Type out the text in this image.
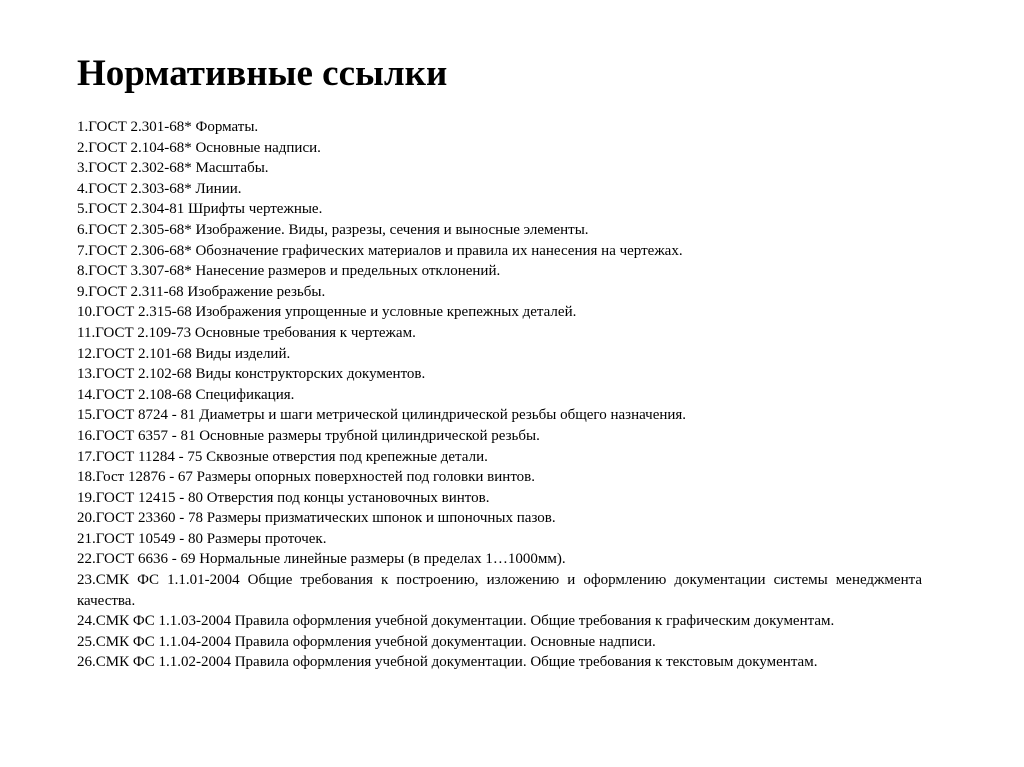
Нормативные ссылки
1.ГОСТ 2.301-68* Форматы.
2.ГОСТ 2.104-68* Основные надписи.
3.ГОСТ 2.302-68* Масштабы.
4.ГОСТ 2.303-68* Линии.
5.ГОСТ 2.304-81 Шрифты чертежные.
6.ГОСТ 2.305-68* Изображение. Виды, разрезы, сечения и выносные элементы.
7.ГОСТ 2.306-68* Обозначение графических материалов и правила их нанесения на чертежах.
8.ГОСТ 3.307-68* Нанесение размеров и предельных отклонений.
9.ГОСТ 2.311-68 Изображение резьбы.
10.ГОСТ 2.315-68 Изображения упрощенные и условные крепежных деталей.
11.ГОСТ 2.109-73 Основные требования к чертежам.
12.ГОСТ 2.101-68 Виды изделий.
13.ГОСТ 2.102-68 Виды конструкторских документов.
14.ГОСТ 2.108-68 Спецификация.
15.ГОСТ 8724 - 81 Диаметры и шаги метрической цилиндрической резьбы общего назначения.
16.ГОСТ 6357 - 81 Основные размеры трубной цилиндрической резьбы.
17.ГОСТ 11284 - 75 Сквозные отверстия под крепежные детали.
18.Гост 12876 - 67 Размеры опорных поверхностей под головки винтов.
19.ГОСТ 12415 - 80 Отверстия под концы установочных винтов.
20.ГОСТ 23360 - 78 Размеры призматических шпонок и шпоночных пазов.
21.ГОСТ 10549 - 80 Размеры проточек.
22.ГОСТ 6636 - 69 Нормальные линейные размеры (в пределах 1…1000мм).
23.СМК ФС 1.1.01-2004 Общие требования к построению, изложению и оформлению документации системы менеджмента качества.
24.СМК ФС 1.1.03-2004 Правила оформления учебной документации. Общие требования к графическим документам.
25.СМК ФС 1.1.04-2004 Правила оформления учебной документации. Основные надписи.
26.СМК ФС 1.1.02-2004 Правила оформления учебной документации. Общие требования к текстовым документам.
